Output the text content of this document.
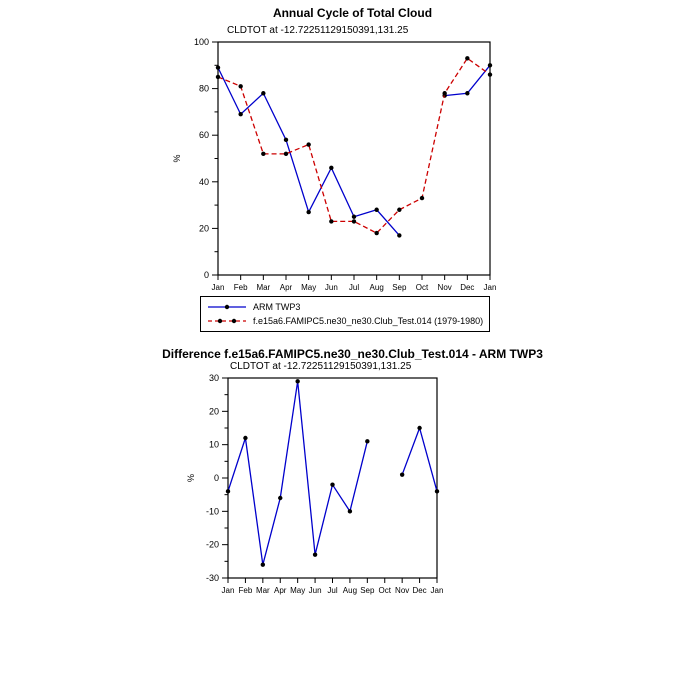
Annual Cycle of Total Cloud
CLDTOT at -12.72251129150391,131.25
0
20
40
60
80
100
Jan Feb Mar Apr May Jun Jul Aug Sep Oct Nov Dec Jan
%
ARM TWP3
f.e15a6.FAMIPC5.ne30_ne30.Club_Test.014 (1979-1980)
Difference f.e15a6.FAMIPC5.ne30_ne30.Club_Test.014 - ARM TWP3
CLDTOT at -12.72251129150391,131.25
-30
-20
-10
0
10
20
30
Jan Feb Mar Apr May Jun Jul Aug Sep Oct Nov Dec Jan
%
